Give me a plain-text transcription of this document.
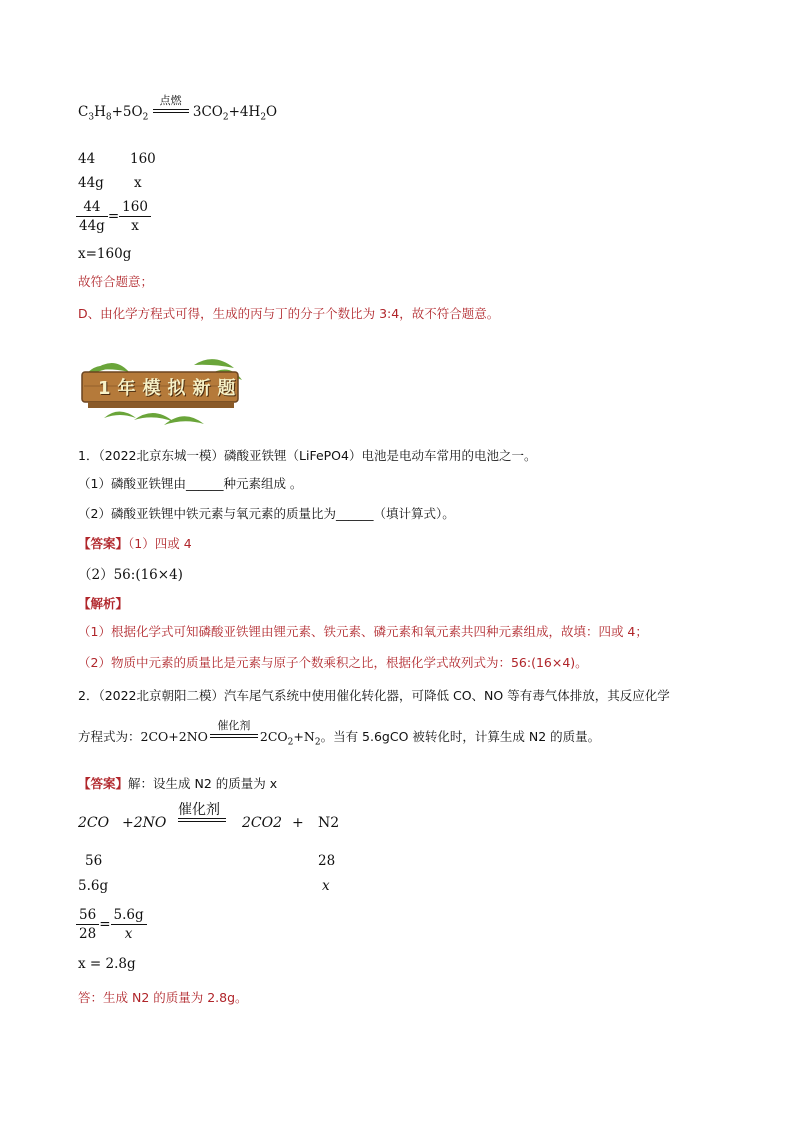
$C_3H_8+5O_2$
点燃
$3CO_2+4H_2O$
44	160
44g x
$\frac{44}{44g} = \frac{160}{x}$
x=160g
故符合题意；
D、由化学方程式可得，生成的丙与丁的分子个数比为 3:4，故不符合题意。
1年模拟新题
1．（2022北京东城一模）磷酸亚铁锂（LiFePO4）电池是电动车常用的电池之一。
（1）磷酸亚铁锂由______种元素组成 。
（2）磷酸亚铁锂中铁元素与氧元素的质量比为______（填计算式）。
【答案】（1）四或 4
（2）56:(16×4)
【解析】
（1）根据化学式可知磷酸亚铁锂由锂元素、铁元素、磷元素和氧元素共四种元素组成，故填：四或 4；
（2）物质中元素的质量比是元素与原子个数乘积之比，根据化学式故列式为：56:(16×4)。
2．（2022北京朝阳二模）汽车尾气系统中使用催化转化器，可降低 CO、NO 等有毒气体排放，其反应化学
方程式为：2CO+2NO
催化剂
$2CO_2+N_2$。当有 5.6gCO 被转化时，计算生成 N2 的质量。
【答案】解：设生成 N2 的质量为 x
2CO +2NO
催化剂
2CO2 + N2
56	28
5.6g	x
$\frac{56}{28} = \frac{5.6g}{x}$
x = 2.8g
答：生成 N2 的质量为 2.8g。
